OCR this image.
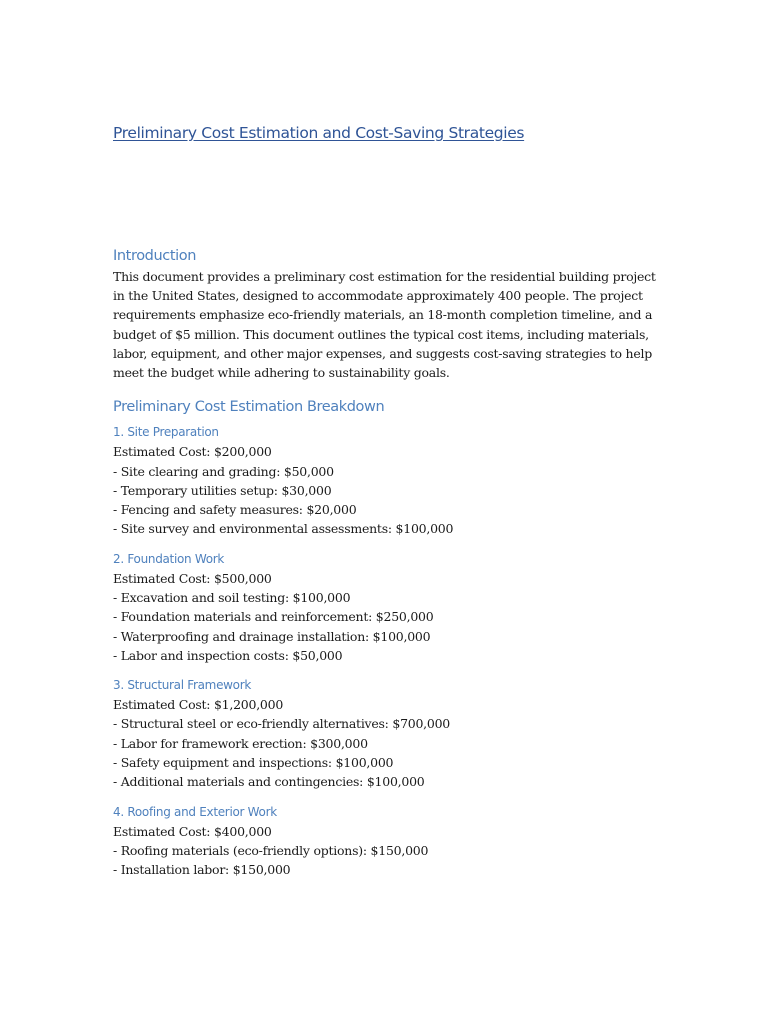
Preliminary Cost Estimation and Cost-Saving Strategies
Introduction

This document provides a preliminary cost estimation for the residential building project in the United States, designed to accommodate approximately 400 people. The project requirements emphasize eco-friendly materials, an 18-month completion timeline, and a budget of $5 million. This document outlines the typical cost items, including materials, labor, equipment, and other major expenses, and suggests cost-saving strategies to help meet the budget while adhering to sustainability goals.

Preliminary Cost Estimation Breakdown
1. Site Preparation

Estimated Cost: $200,000

- Site clearing and grading: $50,000

- Temporary utilities setup: $30,000

- Fencing and safety measures: $20,000

- Site survey and environmental assessments: $100,000

2. Foundation Work

Estimated Cost: $500,000

- Excavation and soil testing: $100,000

- Foundation materials and reinforcement: $250,000

- Waterproofing and drainage installation: $100,000

- Labor and inspection costs: $50,000

3. Structural Framework

Estimated Cost: $1,200,000

- Structural steel or eco-friendly alternatives: $700,000

- Labor for framework erection: $300,000

- Safety equipment and inspections: $100,000

- Additional materials and contingencies: $100,000

4. Roofing and Exterior Work

Estimated Cost: $400,000

- Roofing materials (eco-friendly options): $150,000

- Installation labor: $150,000
